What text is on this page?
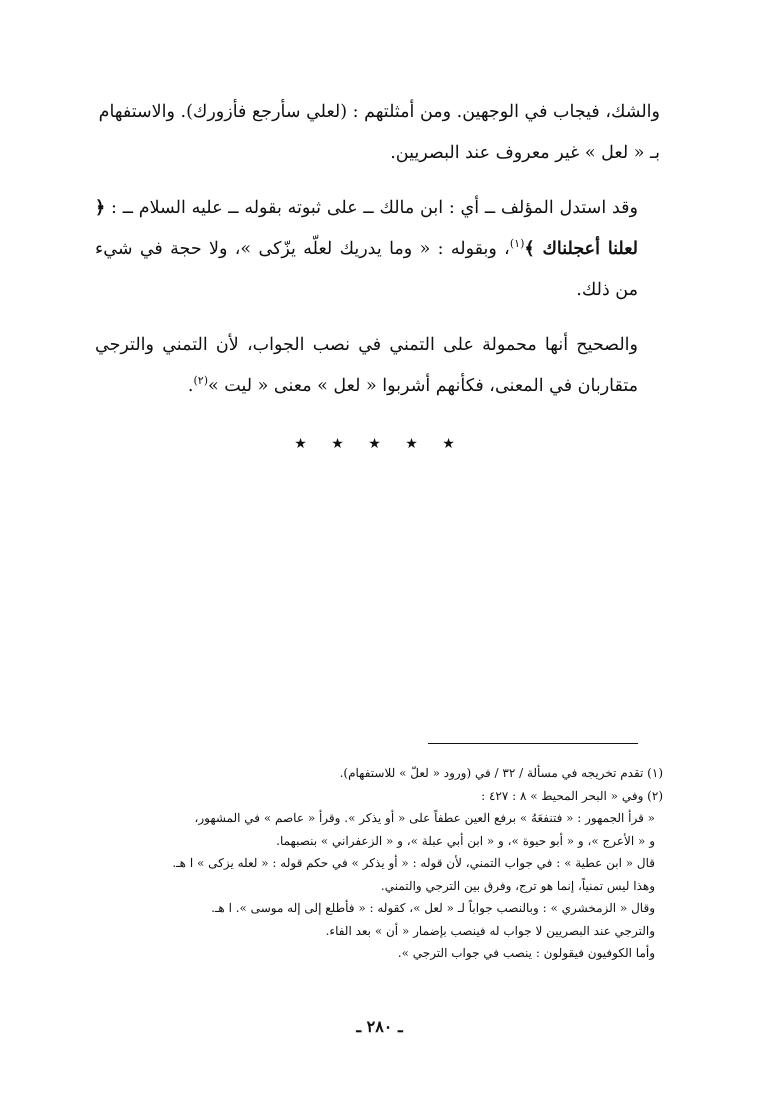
والشك، فيجاب في الوجهين. ومن أمثلتهم : (لعلي سأرجع فأزورك). والاستفهام
بـ « لعل » غير معروف عند البصريين.

وقد استدل المؤلف ــ أي : ابن مالك ــ على ثبوته بقوله ــ عليه السلام ــ : ﴿ لعلنا أعجلناك ﴾$^{(١)}$، وبقوله : « وما يدريك لعلّه يزّكى »، ولا حجة في شيء من ذلك.

والصحيح أنها محمولة على التمني في نصب الجواب، لأن التمني والترجي متقاربان في المعنى، فكأنهم أشربوا « لعل » معنى « ليت »$^{(٢)}$.

★ ★ ★ ★ ★
(١) تقدم تخريجه في مسألة / ٣٢ / في (ورود « لعلّ » للاستفهام).
(٢) وفي « البحر المحيط » ٨ : ٤٢٧ :
« قرأ الجمهور : « فتنفعَهُ » برفع العين عطفاً على « أو يذكر ». وقرأ « عاصم » في المشهور،
و « الأعرج »، و « أبو حيوة »، و « ابن أبي عبلة »، و « الزعفراني » بنصبهما.
قال « ابن عطية » : في جواب التمني، لأن قوله : « أو يذكر » في حكم قوله : « لعله يزكى » ا هـ.
وهذا ليس تمنياً، إنما هو ترج، وفرق بين الترجي والتمني.
وقال « الزمخشري » : وبالنصب جواباً لـ « لعل »، كقوله : « فأطلع إلى إله موسى ». ا هـ.
والترجي عند البصريين لا جواب له فينصب بإضمار « أن » بعد الفاء.
وأما الكوفيون فيقولون : ينصب في جواب الترجي ».
ـ ٢٨٠ ـ
